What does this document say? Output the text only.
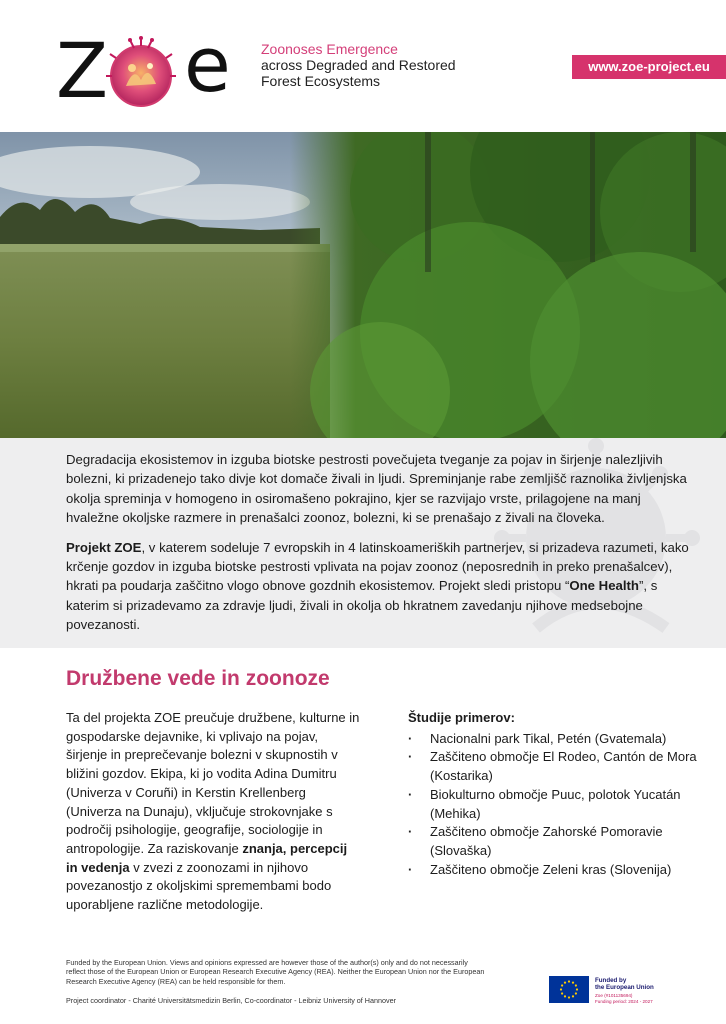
Z e Zoonoses Emergence
across Degraded and Restored
Forest Ecosystems
www.zoe-project.eu

Degradacija ekosistemov in izguba biotske pestrosti povečujeta tveganje za pojav in širjenje nalezljivih bolezni, ki prizadenejo tako divje kot domače živali in ljudi. Spreminjanje rabe zemljišč raznolika življenjska okolja spreminja v homogeno in osiromašeno pokrajino, kjer se razvijajo vrste, prilagojene na manj hvaležne okoljske razmere in prenašalci zoonoz, bolezni, ki se prenašajo z živali na človeka.

Projekt ZOE, v katerem sodeluje 7 evropskih in 4 latinskoameriških partnerjev, si prizadeva razumeti, kako krčenje gozdov in izguba biotske pestrosti vplivata na pojav zoonoz (neposrednih in preko prenašalcev), hkrati pa poudarja zaščitno vlogo obnove gozdnih ekosistemov. Projekt sledi pristopu “One Health”, s katerim si prizadevamo za zdravje ljudi, živali in okolja ob hkratnem zavedanju njihove medsebojne povezanosti.

Družbene vede in zoonoze
Ta del projekta ZOE preučuje družbene, kulturne in gospodarske dejavnike, ki vplivajo na pojav, širjenje in preprečevanje bolezni v skupnostih v bližini gozdov. Ekipa, ki jo vodita Adina Dumitru (Univerza v Coruñi) in Kerstin Krellenberg (Univerza na Dunaju), vključuje strokovnjake s področij psihologije, geografije, sociologije in antropologije. Za raziskovanje znanja, percepcij in vedenja v zvezi z zoonozami in njihovo povezanostjo z okoljskimi spremembami bodo uporabljene različne metodologije.
Študije primerov:
· Nacionalni park Tikal, Petén (Gvatemala)
· Zaščiteno območje El Rodeo, Cantón de Mora (Kostarika)
· Biokulturno območje Puuc, polotok Yucatán (Mehika)
· Zaščiteno območje Zahorské Pomoravie (Slovaška)
· Zaščiteno območje Zeleni kras (Slovenija)
Funded by the European Union. Views and opinions expressed are however those of the author(s) only and do not necessarily reflect those of the European Union or European Research Executive Agency (REA). Neither the European Union nor the European Research Executive Agency (REA) can be held responsible for them.
Project coordinator - Charité Universitätsmedizin Berlin, Co-coordinator - Leibniz University of Hannover
Funded by
the European Union
Zoe (#101135694)
Funding period: 2024 - 2027
